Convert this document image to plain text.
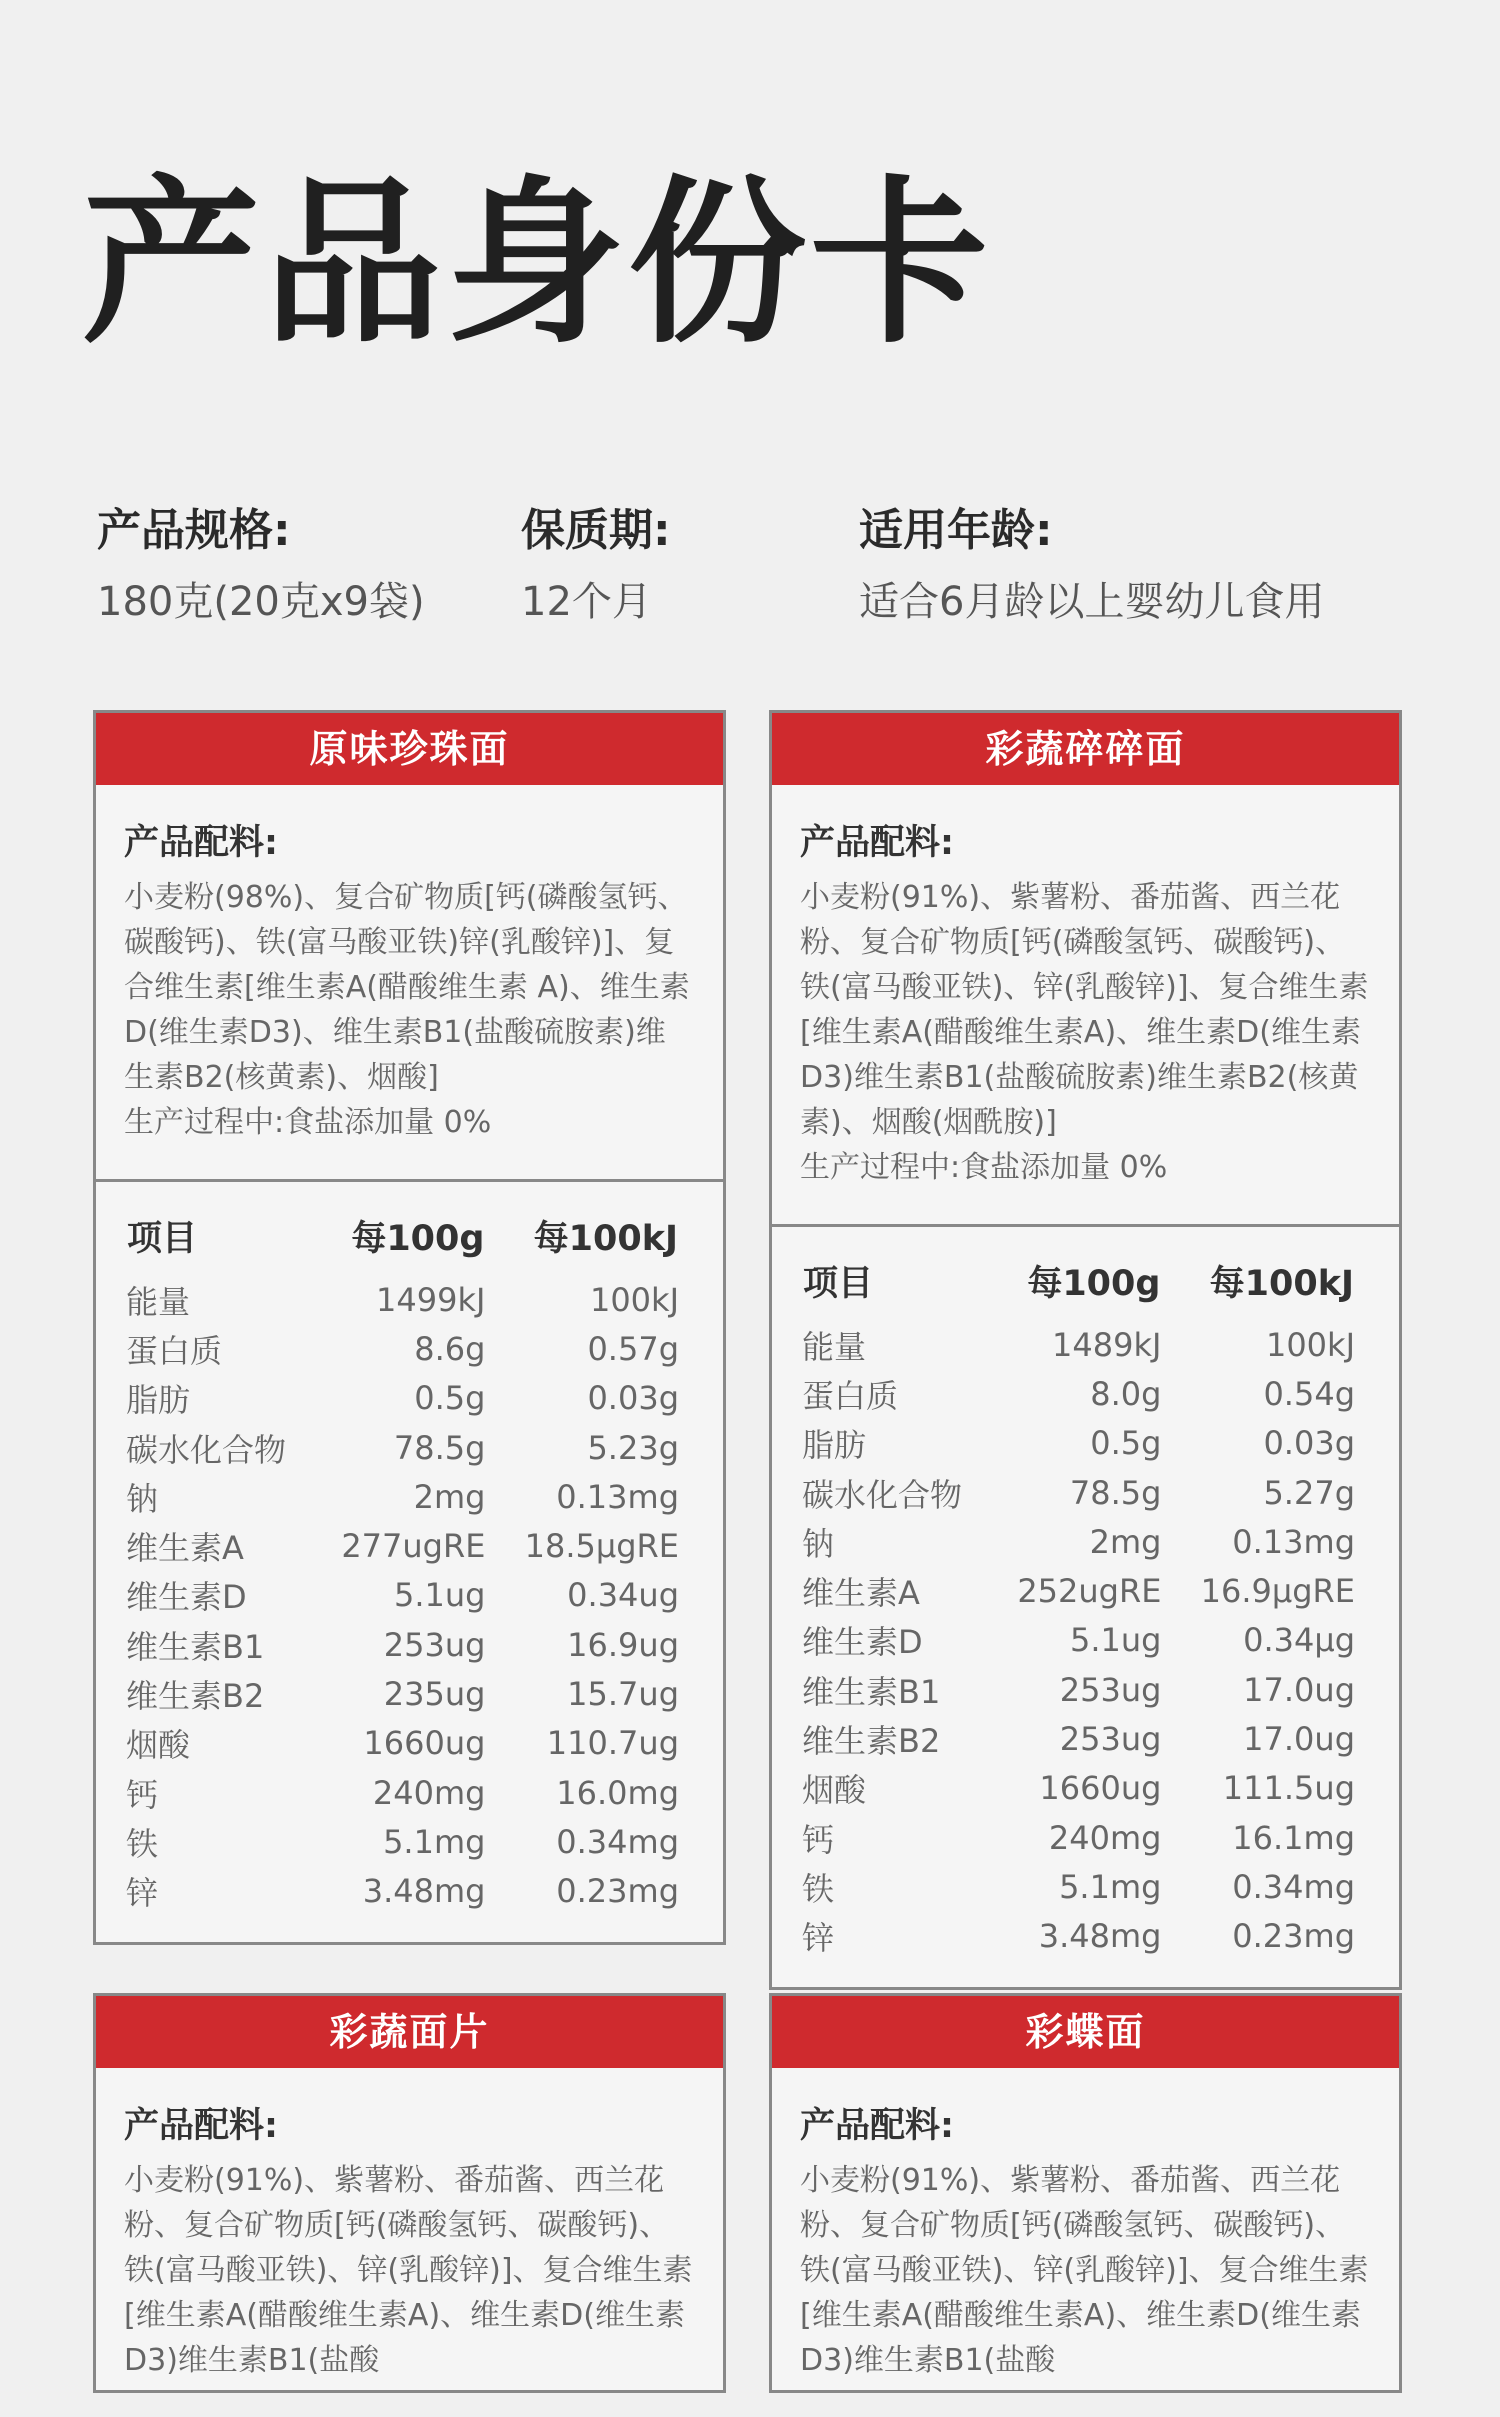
产品身份卡
产品规格:
180克(20克x9袋)
保质期:
12个月
适用年龄:
适合6月龄以上婴幼儿食用
原味珍珠面
产品配料:
小麦粉(98%)、复合矿物质[钙(磷酸氢钙、碳酸钙)、铁(富马酸亚铁)锌(乳酸锌)]、复合维生素[维生素A(醋酸维生素 A)、维生素D(维生素D3)、维生素B1(盐酸硫胺素)维生素B2(核黄素)、烟酸]
生产过程中:食盐添加量 0%
项目	每100g	每100kJ
能量	1499kJ	100kJ
蛋白质	8.6g	0.57g
脂肪	0.5g	0.03g
碳水化合物	78.5g	5.23g
钠	2mg	0.13mg
维生素A	277ugRE	18.5μgRE
维生素D	5.1ug	0.34ug
维生素B1	253ug	16.9ug
维生素B2	235ug	15.7ug
烟酸	1660ug	110.7ug
钙	240mg	16.0mg
铁	5.1mg	0.34mg
锌	3.48mg	0.23mg
彩蔬碎碎面
产品配料:
小麦粉(91%)、紫薯粉、番茄酱、西兰花粉、复合矿物质[钙(磷酸氢钙、碳酸钙)、铁(富马酸亚铁)、锌(乳酸锌)]、复合维生素[维生素A(醋酸维生素A)、维生素D(维生素D3)维生素B1(盐酸硫胺素)维生素B2(核黄素)、烟酸(烟酰胺)]
生产过程中:食盐添加量 0%
项目	每100g	每100kJ
能量	1489kJ	100kJ
蛋白质	8.0g	0.54g
脂肪	0.5g	0.03g
碳水化合物	78.5g	5.27g
钠	2mg	0.13mg
维生素A	252ugRE	16.9μgRE
维生素D	5.1ug	0.34μg
维生素B1	253ug	17.0ug
维生素B2	253ug	17.0ug
烟酸	1660ug	111.5ug
钙	240mg	16.1mg
铁	5.1mg	0.34mg
锌	3.48mg	0.23mg
彩蔬面片
产品配料:
小麦粉(91%)、紫薯粉、番茄酱、西兰花粉、复合矿物质[钙(磷酸氢钙、碳酸钙)、铁(富马酸亚铁)、锌(乳酸锌)]、复合维生素[维生素A(醋酸维生素A)、维生素D(维生素D3)维生素B1(盐酸
彩蝶面
产品配料:
小麦粉(91%)、紫薯粉、番茄酱、西兰花粉、复合矿物质[钙(磷酸氢钙、碳酸钙)、铁(富马酸亚铁)、锌(乳酸锌)]、复合维生素[维生素A(醋酸维生素A)、维生素D(维生素D3)维生素B1(盐酸
